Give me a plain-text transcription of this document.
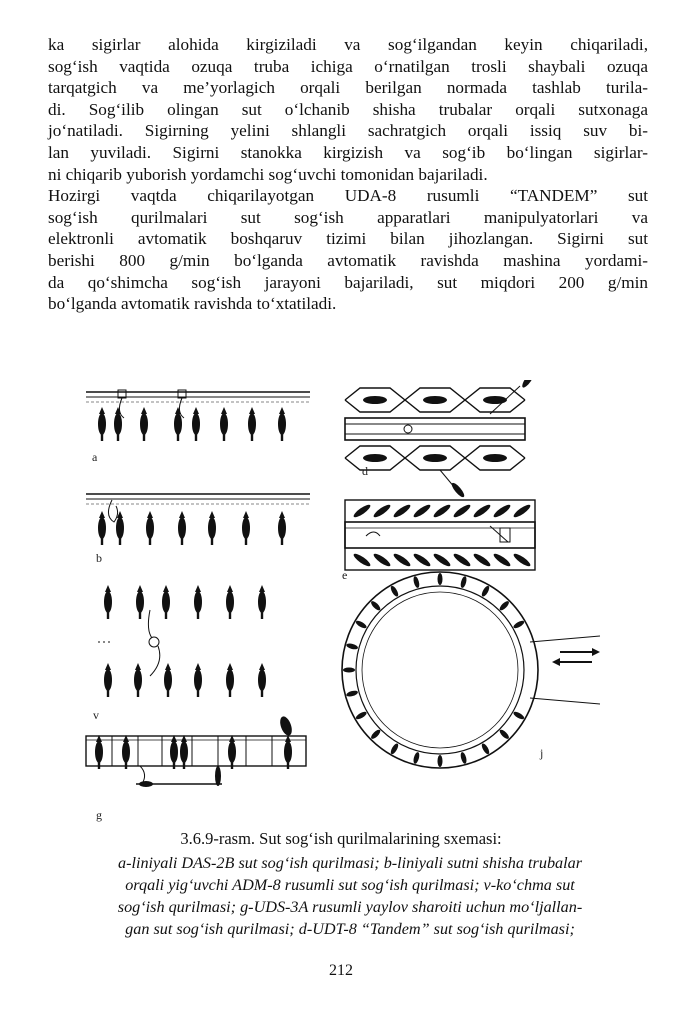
ka sigirlar alohida kirgiziladi va sog‘ilgandan keyin chiqariladi,
sog‘ish vaqtida ozuqa truba ichiga o‘rnatilgan trosli shaybali ozuqa
tarqatgich va me’yorlagich orqali berilgan normada tashlab turila-
di. Sog‘ilib olingan sut o‘lchanib shisha trubalar orqali sutxonaga
jo‘natiladi. Sigirning yelini shlangli sachratgich orqali issiq suv bi-
lan yuviladi. Sigirni stanokka kirgizish va sog‘ib bo‘lingan sigirlar-
ni chiqarib yuborish yordamchi sog‘uvchi tomonidan bajariladi.
Hozirgi vaqtda chiqarilayotgan UDA-8 rusumli “TANDEM” sut
sog‘ish qurilmalari sut sog‘ish apparatlari manipulyatorlari va
elektronli avtomatik boshqaruv tizimi bilan jihozlangan. Sigirni sut
berishi 800 g/min bo‘lganda avtomatik ravishda mashina yordami-
da qo‘shimcha sog‘ish jarayoni bajariladi, sut miqdori 200 g/min
bo‘lganda avtomatik ravishda to‘xtatiladi.
a
b
v
g
d
e
j
3.6.9-rasm. Sut sog‘ish qurilmalarining sxemasi:
a-liniyali DAS-2B sut sog‘ish qurilmasi; b-liniyali sutni shisha trubalar
orqali yig‘uvchi ADM-8 rusumli sut sog‘ish qurilmasi; v-ko‘chma sut
sog‘ish qurilmasi; g-UDS-3A rusumli yaylov sharoiti uchun mo‘ljallan-
gan sut sog‘ish qurilmasi; d-UDT-8 “Tandem” sut sog‘ish qurilmasi;
212
